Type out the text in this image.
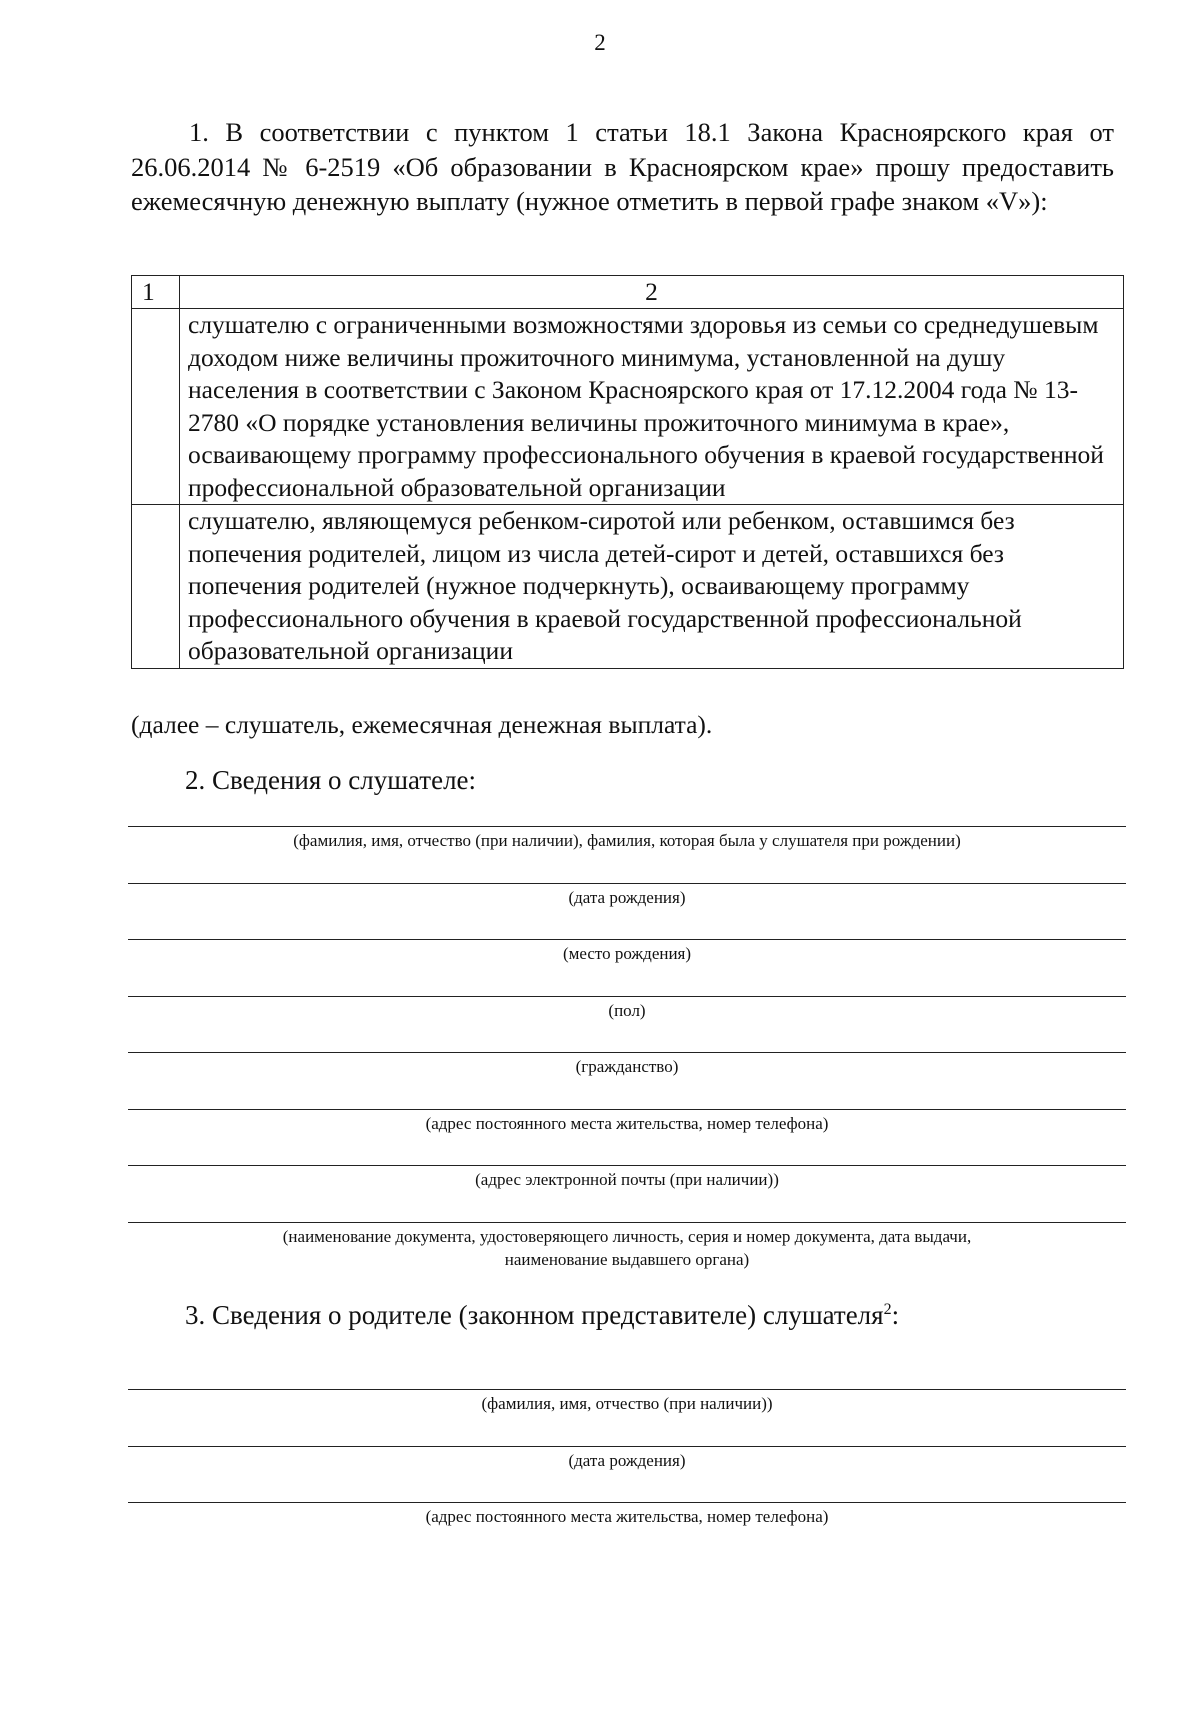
2

1. В соответствии с пунктом 1 статьи 18.1 Закона Красноярского края от 26.06.2014 № 6-2519 «Об образовании в Красноярском крае» прошу предоставить ежемесячную денежную выплату (нужное отметить в первой графе знаком «V»):

1	2
	слушателю с ограниченными возможностями здоровья из семьи со среднедушевым доходом ниже величины прожиточного минимума, установленной на душу населения в соответствии с Законом Красноярского края от 17.12.2004 года № 13-2780 «О порядке установления величины прожиточного минимума в крае», осваивающему программу профессионального обучения в краевой государственной профессиональной образовательной организации
	слушателю, являющемуся ребенком-сиротой или ребенком, оставшимся без попечения родителей, лицом из числа детей-сирот и детей, оставшихся без попечения родителей (нужное подчеркнуть), осваивающему программу профессионального обучения в краевой государственной профессиональной образовательной организации
(далее – слушатель, ежемесячная денежная выплата).
2. Сведения о слушателе:
(фамилия, имя, отчество (при наличии), фамилия, которая была у слушателя при рождении)
(дата рождения)
(место рождения)
(пол)
(гражданство)
(адрес постоянного места жительства, номер телефона)
(адрес электронной почты (при наличии))
(наименование документа, удостоверяющего личность, серия и номер документа, дата выдачи,
наименование выдавшего органа)
3. Сведения о родителе (законном представителе) слушателя$^2$:
(фамилия, имя, отчество (при наличии))
(дата рождения)
(адрес постоянного места жительства, номер телефона)
